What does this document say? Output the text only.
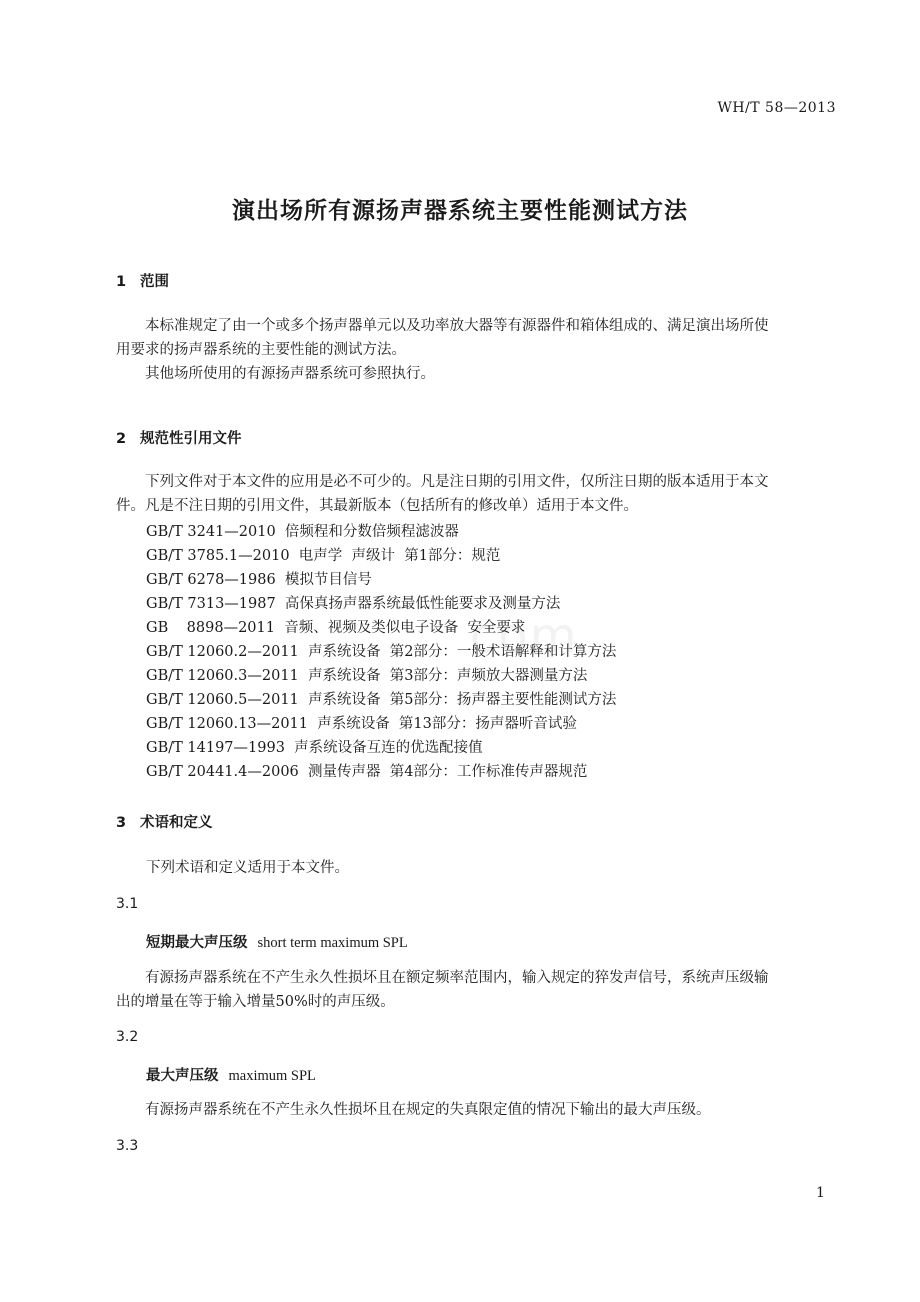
com
WH/T 58—2013
演出场所有源扬声器系统主要性能测试方法
1 范围

本标准规定了由一个或多个扬声器单元以及功率放大器等有源器件和箱体组成的、满足演出场所使

用要求的扬声器系统的主要性能的测试方法。

其他场所使用的有源扬声器系统可参照执行。

2 规范性引用文件

下列文件对于本文件的应用是必不可少的。凡是注日期的引用文件，仅所注日期的版本适用于本文

件。凡是不注日期的引用文件，其最新版本（包括所有的修改单）适用于本文件。

GB/T 3241—2010  倍频程和分数倍频程滤波器
GB/T 3785.1—2010  电声学  声级计  第1部分：规范
GB/T 6278—1986  模拟节目信号
GB/T 7313—1987  高保真扬声器系统最低性能要求及测量方法
GB    8898—2011  音频、视频及类似电子设备  安全要求
GB/T 12060.2—2011  声系统设备  第2部分：一般术语解释和计算方法
GB/T 12060.3—2011  声系统设备  第3部分：声频放大器测量方法
GB/T 12060.5—2011  声系统设备  第5部分：扬声器主要性能测试方法
GB/T 12060.13—2011  声系统设备  第13部分：扬声器听音试验
GB/T 14197—1993  声系统设备互连的优选配接值
GB/T 20441.4—2006  测量传声器  第4部分：工作标准传声器规范
3 术语和定义
下列术语和定义适用于本文件。
3.1
短期最大声压级 short term maximum SPL

有源扬声器系统在不产生永久性损坏且在额定频率范围内，输入规定的猝发声信号，系统声压级输

出的增量在等于输入增量50%时的声压级。

3.2
最大声压级 maximum SPL

有源扬声器系统在不产生永久性损坏且在规定的失真限定值的情况下输出的最大声压级。

3.3
1
